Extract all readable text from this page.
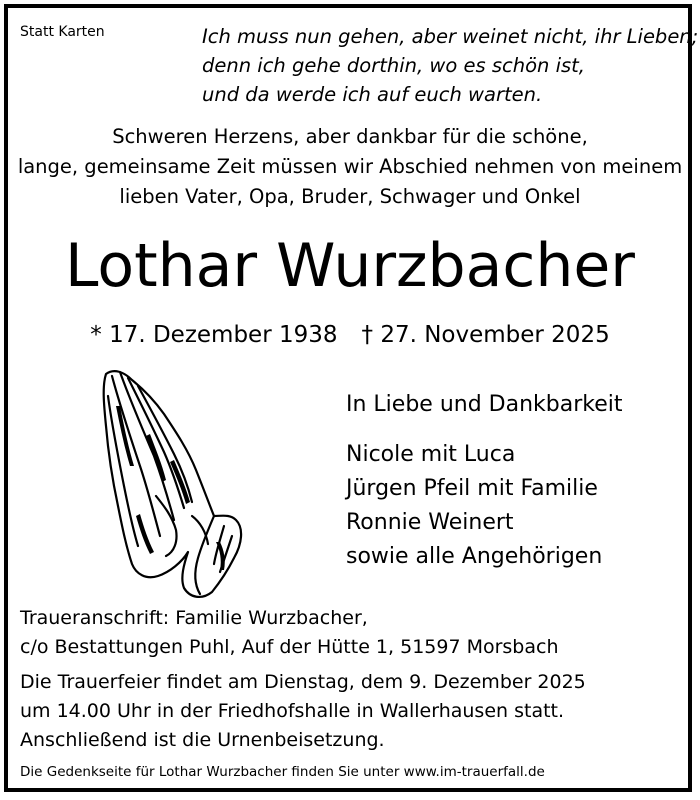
Statt Karten	Ich muss nun gehen, aber weinet nicht, ihr Lieben;
denn ich gehe dorthin, wo es schön ist,
und da werde ich auf euch warten.
Schweren Herzens, aber dankbar für die schöne,
lange, gemeinsame Zeit müssen wir Abschied nehmen von meinem
lieben Vater, Opa, Bruder, Schwager und Onkel
Lothar Wurzbacher
* 17. Dezember 1938 † 27. November 2025
In Liebe und Dankbarkeit
Nicole mit Luca
Jürgen Pfeil mit Familie
Ronnie Weinert
sowie alle Angehörigen
Traueranschrift: Familie Wurzbacher,
c/o Bestattungen Puhl, Auf der Hütte 1, 51597 Morsbach
Die Trauerfeier findet am Dienstag, dem 9. Dezember 2025
um 14.00 Uhr in der Friedhofshalle in Wallerhausen statt.
Anschließend ist die Urnenbeisetzung.
Die Gedenkseite für Lothar Wurzbacher finden Sie unter www.im-trauerfall.de
